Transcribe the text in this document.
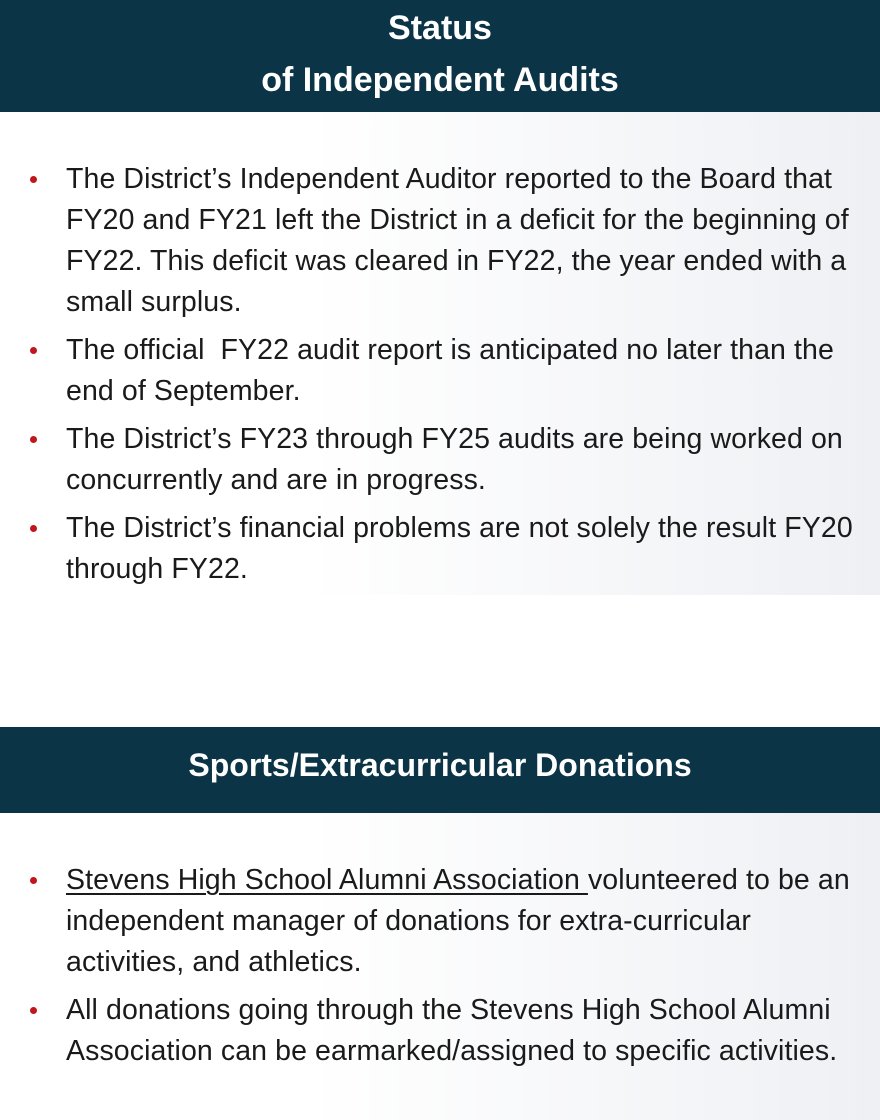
Status
of Independent Audits
The District’s Independent Auditor reported to the Board that FY20 and FY21 left the District in a deficit for the beginning of FY22. This deficit was cleared in FY22, the year ended with a small surplus.
The official  FY22 audit report is anticipated no later than the end of September.
The District’s FY23 through FY25 audits are being worked on concurrently and are in progress.
The District’s financial problems are not solely the result FY20 through FY22.
Sports/Extracurricular Donations
Stevens High School Alumni Association volunteered to be an independent manager of donations for extra-curricular activities, and athletics.
All donations going through the Stevens High School Alumni Association can be earmarked/assigned to specific activities.
